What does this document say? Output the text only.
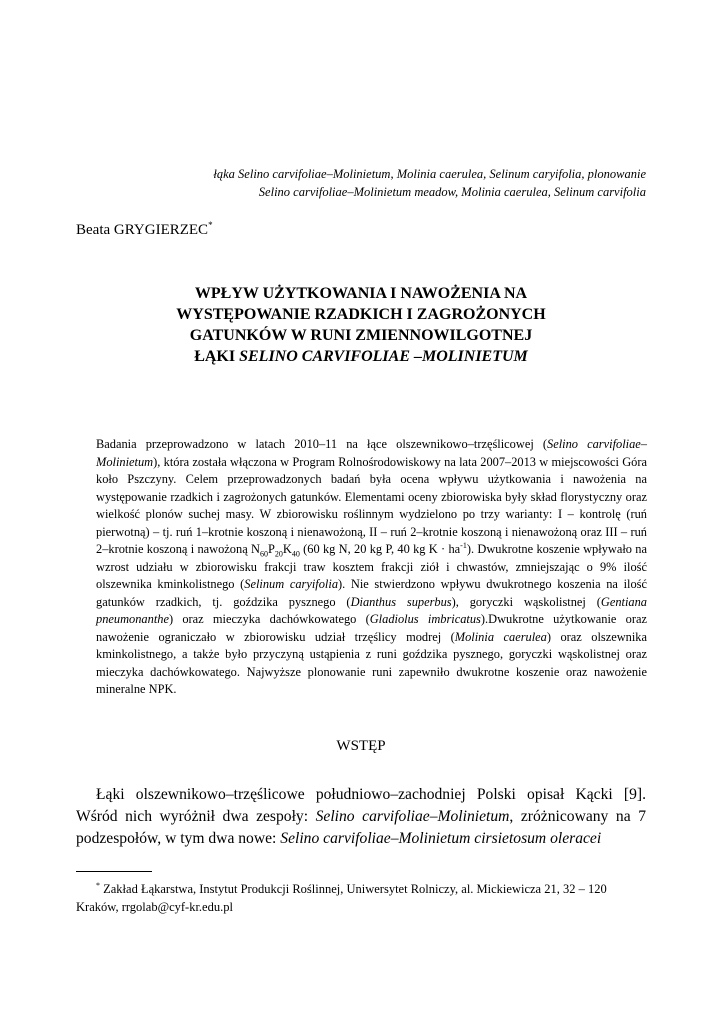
łąka Selino carvifoliae–Molinietum, Molinia caerulea, Selinum caryifolia, plonowanie
Selino carvifoliae–Molinietum meadow, Molinia caerulea, Selinum carvifolia
Beata GRYGIERZEC*
WPŁYW UŻYTKOWANIA I NAWOŻENIA NA
WYSTĘPOWANIE RZADKICH I ZAGROŻONYCH
GATUNKÓW W RUNI ZMIENNOWILGOTNEJ
ŁĄKI SELINO CARVIFOLIAE –MOLINIETUM

Badania przeprowadzono w latach 2010–11 na łące olszewnikowo–trzęślicowej (Selino carvifoliae–Molinietum), która została włączona w Program Rolnośrodowiskowy na lata 2007–2013 w miejscowości Góra koło Pszczyny. Celem przeprowadzonych badań była ocena wpływu użytkowania i nawożenia na występowanie rzadkich i zagrożonych gatunków. Elementami oceny zbiorowiska były skład florystyczny oraz wielkość plonów suchej masy. W zbiorowisku roślinnym wydzielono po trzy warianty: I – kontrolę (ruń pierwotną) – tj. ruń 1–krotnie koszoną i nienawożoną, II – ruń 2–krotnie koszoną i nienawożoną oraz III – ruń 2–krotnie koszoną i nawożoną $N_{60}P_{20}K_{40}$ (60 kg N, 20 kg P, 40 kg $K \cdot ha^{-1}$). Dwukrotne koszenie wpływało na wzrost udziału w zbiorowisku frakcji traw kosztem frakcji ziół i chwastów, zmniejszając o 9% ilość olszewnika kminkolistnego (Selinum caryifolia). Nie stwierdzono wpływu dwukrotnego koszenia na ilość gatunków rzadkich, tj. goździka pysznego (Dianthus superbus), goryczki wąskolistnej (Gentiana pneumonanthe) oraz mieczyka dachówkowatego (Gladiolus imbricatus).Dwukrotne użytkowanie oraz nawożenie ograniczało w zbiorowisku udział trzęślicy modrej (Molinia caerulea) oraz olszewnika kminkolistnego, a także było przyczyną ustąpienia z runi goździka pysznego, goryczki wąskolistnej oraz mieczyka dachówkowatego. Najwyższe plonowanie runi zapewniło dwukrotne koszenie oraz nawożenie mineralne NPK.

WSTĘP

Łąki olszewnikowo–trzęślicowe południowo–zachodniej Polski opisał Kącki [9]. Wśród nich wyróżnił dwa zespoły: Selino carvifoliae–Molinietum, zróżnicowany na 7 podzespołów, w tym dwa nowe: Selino carvifoliae–Molinietum cirsietosum oleracei

* Zakład Łąkarstwa, Instytut Produkcji Roślinnej, Uniwersytet Rolniczy, al. Mickiewicza 21, 32 – 120 Kraków, rrgolab@cyf-kr.edu.pl
